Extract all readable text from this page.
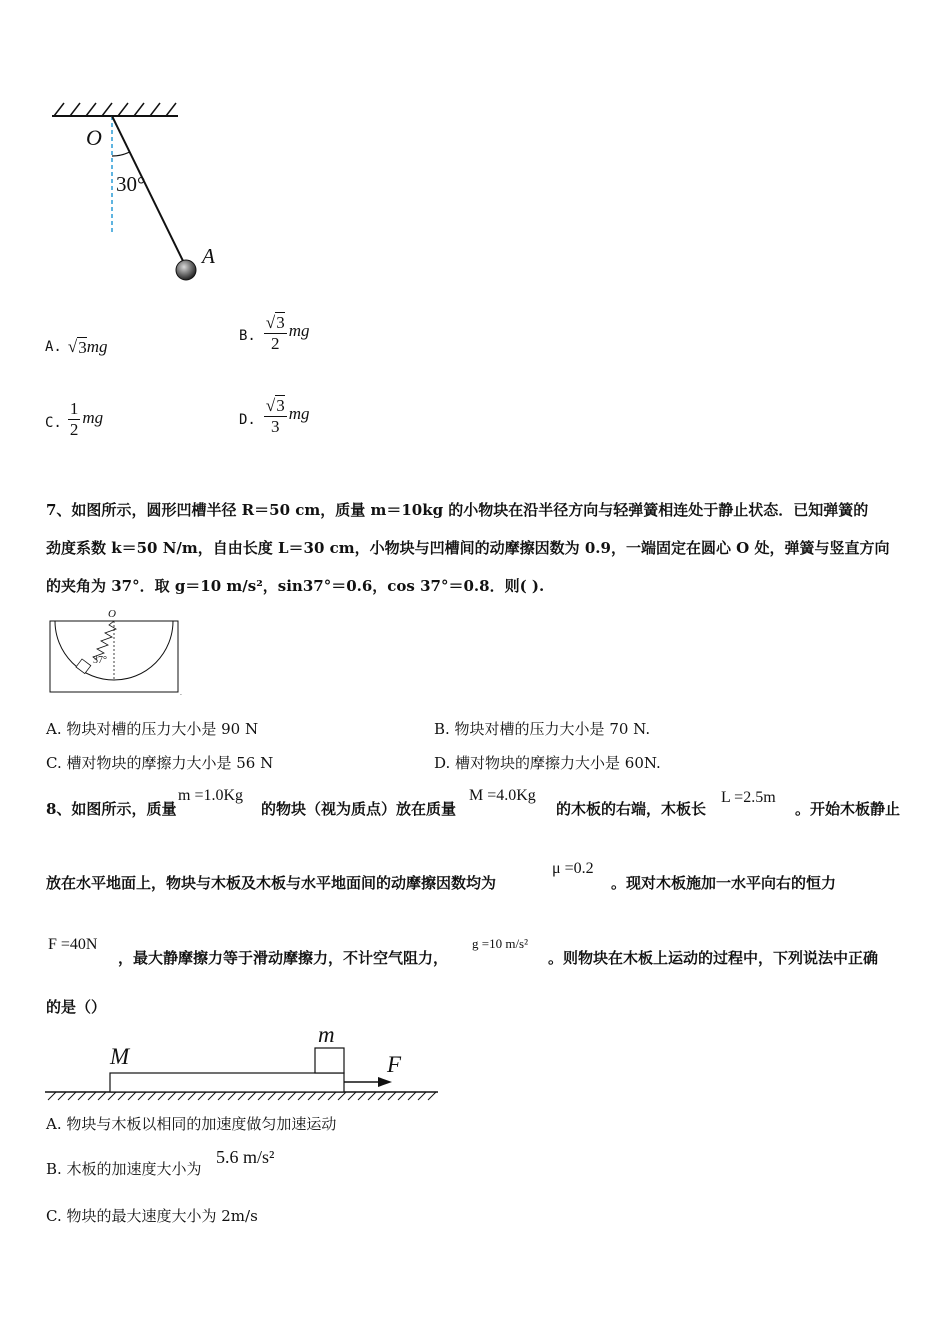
O
30°
A
A. √ 3 mg
B. $\frac{√3}{2}$ mg
C. $\frac{1}{2}$ mg	D. $\frac{√3}{3}$ mg
7、如图所示，圆形凹槽半径 R＝50 cm，质量 m＝10kg 的小物块在沿半径方向与轻弹簧相连处于静止状态．已知弹簧的
劲度系数 k＝50 N/m，自由长度 L＝30 cm，小物块与凹槽间的动摩擦因数为 0.9，一端固定在圆心 O 处，弹簧与竖直方向
的夹角为 37°．取 g＝10 m/s²，sin37°＝0.6，cos 37°＝0.8．则( ).
O
37°
.
A. 物块对槽的压力大小是 90 N	B. 物块对槽的压力大小是 70 N.
C. 槽对物块的摩擦力大小是 56 N	D. 槽对物块的摩擦力大小是 60N.
8、如图所示，质量
m =1.0Kg
的物块（视为质点）放在质量
M =4.0Kg
的木板的右端，木板长
L =2.5m
。开始木板静止
放在水平地面上，物块与木板及木板与水平地面间的动摩擦因数均为
μ =0.2
。现对木板施加一水平向右的恒力
F =40N
，最大静摩擦力等于滑动摩擦力，不计空气阻力，
g =10 m/s²
。则物块在木板上运动的过程中，下列说法中正确
的是（）
M
m
F
A. 物块与木板以相同的加速度做匀加速运动
B. 木板的加速度大小为
5.6 m/s²
C. 物块的最大速度大小为 2m/s
